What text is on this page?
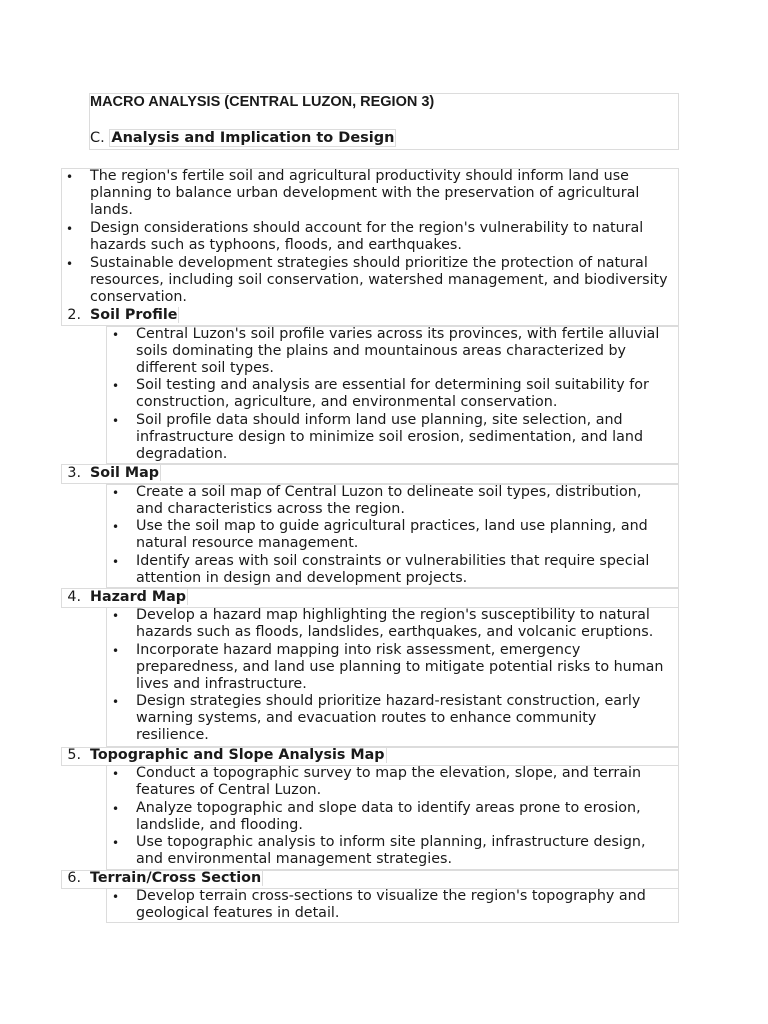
MACRO ANALYSIS (CENTRAL LUZON, REGION 3)
C. Analysis and Implication to Design
• The region's fertile soil and agricultural productivity should inform land use
planning to balance urban development with the preservation of agricultural
lands.
• Design considerations should account for the region's vulnerability to natural
hazards such as typhoons, floods, and earthquakes.
• Sustainable development strategies should prioritize the protection of natural
resources, including soil conservation, watershed management, and biodiversity
conservation.
2. Soil Profile
• Central Luzon's soil profile varies across its provinces, with fertile alluvial
soils dominating the plains and mountainous areas characterized by
different soil types.
• Soil testing and analysis are essential for determining soil suitability for
construction, agriculture, and environmental conservation.
• Soil profile data should inform land use planning, site selection, and
infrastructure design to minimize soil erosion, sedimentation, and land
degradation.
3. Soil Map
• Create a soil map of Central Luzon to delineate soil types, distribution,
and characteristics across the region.
• Use the soil map to guide agricultural practices, land use planning, and
natural resource management.
• Identify areas with soil constraints or vulnerabilities that require special
attention in design and development projects.
4. Hazard Map
• Develop a hazard map highlighting the region's susceptibility to natural
hazards such as floods, landslides, earthquakes, and volcanic eruptions.
• Incorporate hazard mapping into risk assessment, emergency
preparedness, and land use planning to mitigate potential risks to human
lives and infrastructure.
• Design strategies should prioritize hazard-resistant construction, early
warning systems, and evacuation routes to enhance community
resilience.
5. Topographic and Slope Analysis Map
• Conduct a topographic survey to map the elevation, slope, and terrain
features of Central Luzon.
• Analyze topographic and slope data to identify areas prone to erosion,
landslide, and flooding.
• Use topographic analysis to inform site planning, infrastructure design,
and environmental management strategies.
6. Terrain/Cross Section
• Develop terrain cross-sections to visualize the region's topography and
geological features in detail.
